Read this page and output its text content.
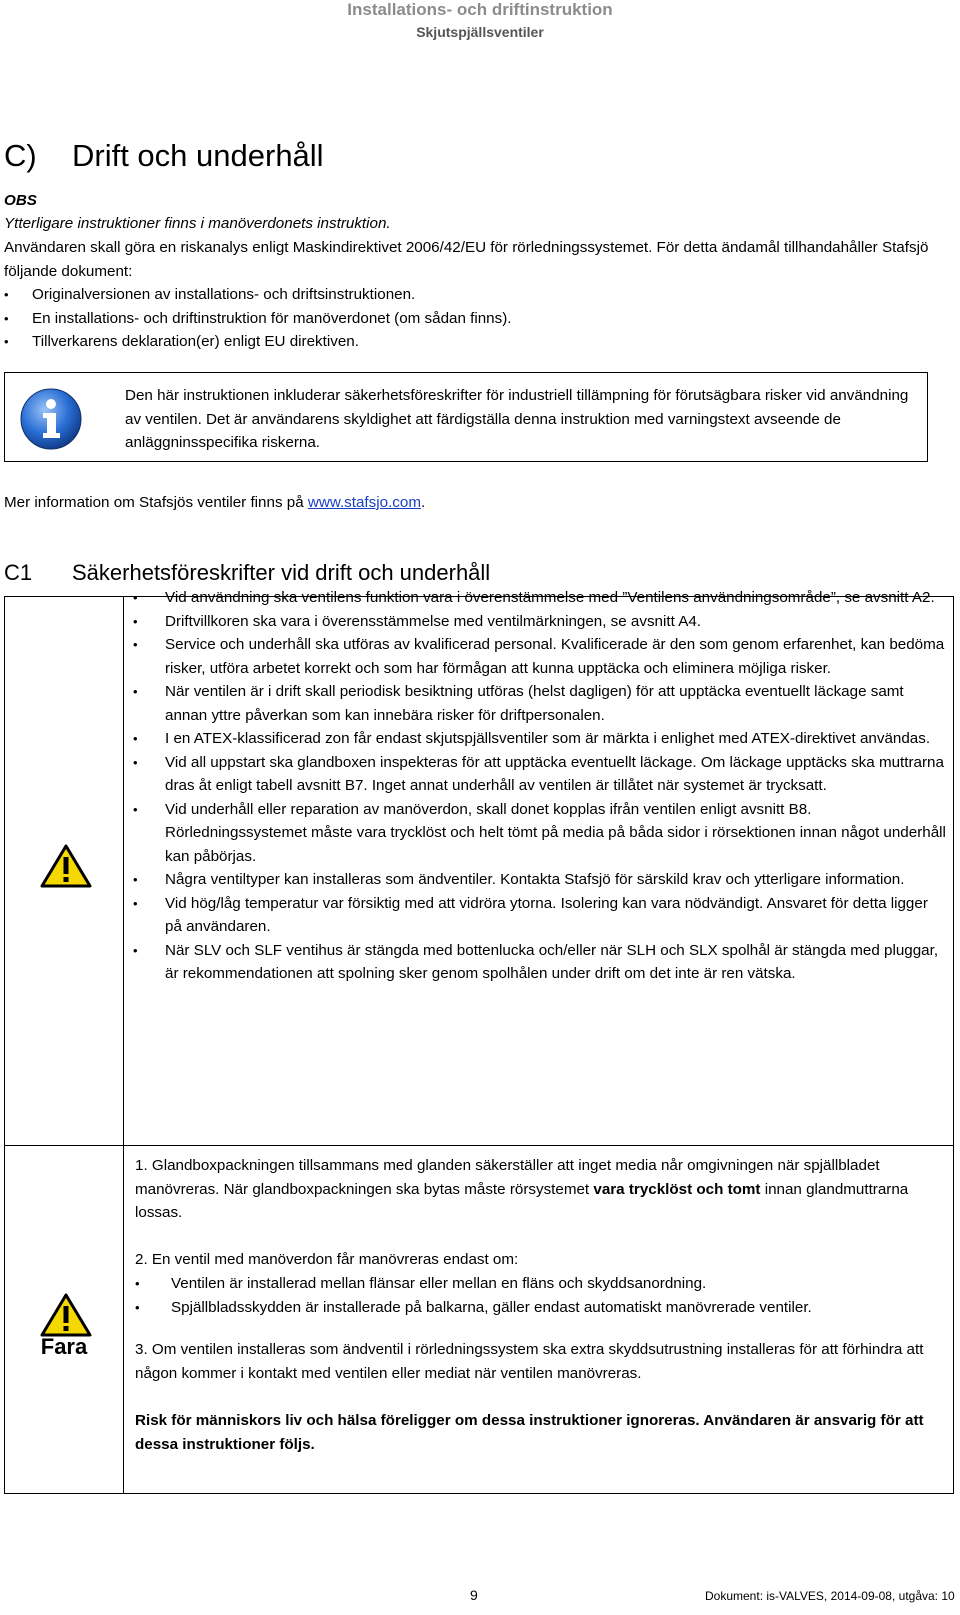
Installations- och driftinstruktion
Skjutspjällsventiler
C) Drift och underhåll
OBS
Ytterligare instruktioner finns i manöverdonets instruktion.
Användaren skall göra en riskanalys enligt Maskindirektivet 2006/42/EU för rörledningssystemet. För detta ändamål tillhandahåller Stafsjö följande dokument:
• Originalversionen av installations- och driftsinstruktionen.
• En installations- och driftinstruktion för manöverdonet (om sådan finns).
• Tillverkarens deklaration(er) enligt EU direktiven.
Den här instruktionen inkluderar säkerhetsföreskrifter för industriell tillämpning för förutsägbara risker vid användning av ventilen. Det är användarens skyldighet att färdigställa denna instruktion med varningstext avseende de anläggninsspecifika riskerna.
Mer information om Stafsjös ventiler finns på www.stafsjo.com.
C1 Säkerhetsföreskrifter vid drift och underhåll
• Vid användning ska ventilens funktion vara i överenstämmelse med ”Ventilens användningsområde”, se avsnitt A2.
• Driftvillkoren ska vara i överensstämmelse med ventilmärkningen, se avsnitt A4.
• Service och underhåll ska utföras av kvalificerad personal. Kvalificerade är den som genom erfarenhet, kan bedöma risker, utföra arbetet korrekt och som har förmågan att kunna upptäcka och eliminera möjliga risker.
• När ventilen är i drift skall periodisk besiktning utföras (helst dagligen) för att upptäcka eventuellt läckage samt annan yttre påverkan som kan innebära risker för driftpersonalen.
• I en ATEX-klassificerad zon får endast skjutspjällsventiler som är märkta i enlighet med ATEX-direktivet användas.
• Vid all uppstart ska glandboxen inspekteras för att upptäcka eventuellt läckage. Om läckage upptäcks ska muttrarna dras åt enligt tabell avsnitt B7. Inget annat underhåll av ventilen är tillåtet när systemet är trycksatt.
• Vid underhåll eller reparation av manöverdon, skall donet kopplas ifrån ventilen enligt avsnitt B8. Rörledningssystemet måste vara trycklöst och helt tömt på media på båda sidor i rörsektionen innan något underhåll kan påbörjas.
• Några ventiltyper kan installeras som ändventiler. Kontakta Stafsjö för särskild krav och ytterligare information.
• Vid hög/låg temperatur var försiktig med att vidröra ytorna. Isolering kan vara nödvändigt. Ansvaret för detta ligger på användaren.
• När SLV och SLF ventihus är stängda med bottenlucka och/eller när SLH och SLX spolhål är stängda med pluggar, är rekommendationen att spolning sker genom spolhålen under drift om det inte är ren vätska.
Fara
1. Glandboxpackningen tillsammans med glanden säkerställer att inget media når omgivningen när spjällbladet manövreras. När glandboxpackningen ska bytas måste rörsystemet vara trycklöst och tomt innan glandmuttrarna lossas.
2. En ventil med manöverdon får manövreras endast om:
• Ventilen är installerad mellan flänsar eller mellan en fläns och skyddsanordning.
• Spjällbladsskydden är installerade på balkarna, gäller endast automatiskt manövrerade ventiler.
3. Om ventilen installeras som ändventil i rörledningssystem ska extra skyddsutrustning installeras för att förhindra att någon kommer i kontakt med ventilen eller mediat när ventilen manövreras.
Risk för människors liv och hälsa föreligger om dessa instruktioner ignoreras. Användaren är ansvarig för att dessa instruktioner följs.
9	Dokument: is-VALVES, 2014-09-08, utgåva: 10
